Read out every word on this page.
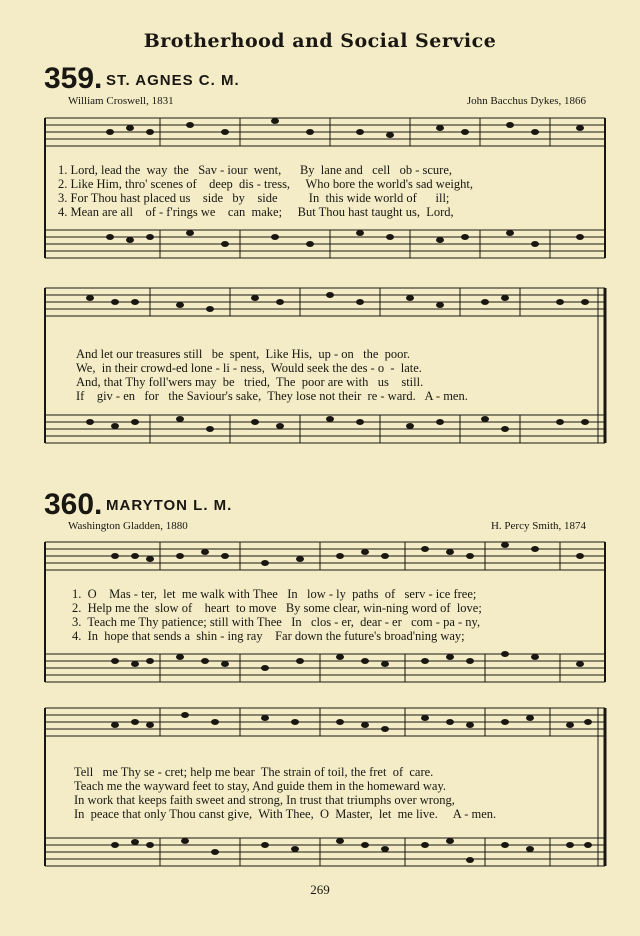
Brotherhood and Social Service
359. ST. AGNES C. M.
William Croswell, 1831	John Bacchus Dykes, 1866
1. Lord, lead the  way  the   Sav - iour  went,      By  lane and   cell   ob - scure,
2. Like Him, thro' scenes of    deep  dis - tress,     Who bore the world's sad weight,
3. For Thou hast placed us    side   by    side          In  this wide world of      ill;
4. Mean are all    of - f'rings we    can  make;     But Thou hast taught us,  Lord,
And let our treasures still   be  spent,  Like His,  up - on   the  poor.
We,  in their crowd-ed lone - li - ness,  Would seek the des - o  -  late.
And, that Thy foll'wers may  be   tried,  The  poor are with   us    still.
If    giv - en   for   the Saviour's sake,  They lose not their  re - ward.   A - men.
360. MARYTON L. M.
Washington Gladden, 1880	H. Percy Smith, 1874
1.  O    Mas - ter,  let  me walk with Thee   In   low - ly  paths  of   serv - ice free;
2.  Help me the  slow of    heart  to move   By some clear, win-ning word of  love;
3.  Teach me Thy patience; still with Thee   In   clos - er,  dear - er   com - pa - ny,
4.  In  hope that sends a  shin - ing ray    Far down the future's broad'ning way;
Tell   me Thy se - cret; help me bear  The strain of toil, the fret  of  care.
Teach me the wayward feet to stay, And guide them in the homeward way.
In work that keeps faith sweet and strong, In trust that triumphs over wrong,
In  peace that only Thou canst give,  With Thee,  O  Master,  let  me live.     A - men.
269
